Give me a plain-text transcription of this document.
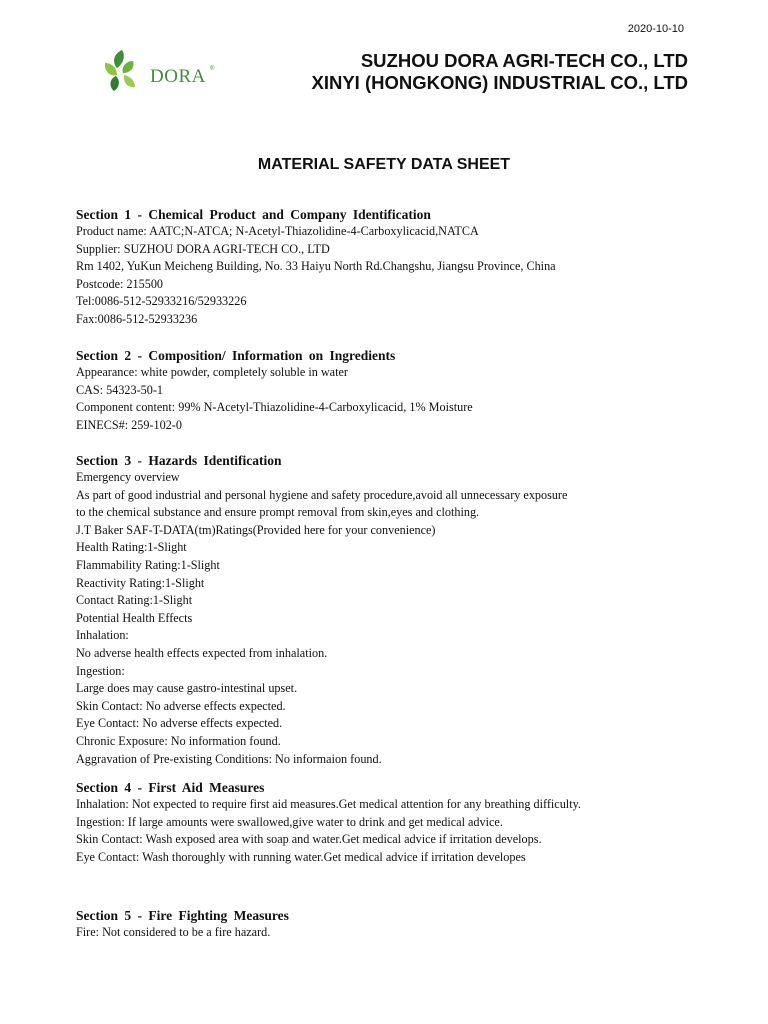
2020-10-10
DORA ®	SUZHOU DORA AGRI-TECH CO., LTD
XINYI (HONGKONG) INDUSTRIAL CO., LTD
MATERIAL SAFETY DATA SHEET
Section 1 - Chemical Product and Company Identification
Product name: AATC;N-ATCA; N-Acetyl-Thiazolidine-4-Carboxylicacid,NATCA
Supplier: SUZHOU DORA AGRI-TECH CO., LTD
Rm 1402, YuKun Meicheng Building, No. 33 Haiyu North Rd.Changshu, Jiangsu Province, China
Postcode: 215500
Tel:0086-512-52933216/52933226
Fax:0086-512-52933236
Section 2 - Composition/ Information on Ingredients
Appearance: white powder, completely soluble in water
CAS: 54323-50-1
Component content: 99% N-Acetyl-Thiazolidine-4-Carboxylicacid, 1% Moisture
EINECS#: 259-102-0
Section 3 - Hazards Identification
Emergency overview
As part of good industrial and personal hygiene and safety procedure,avoid all unnecessary exposure
to the chemical substance and ensure prompt removal from skin,eyes and clothing.
J.T Baker SAF-T-DATA(tm)Ratings(Provided here for your convenience)
Health Rating:1-Slight
Flammability Rating:1-Slight
Reactivity Rating:1-Slight
Contact Rating:1-Slight
Potential Health Effects
Inhalation:
No adverse health effects expected from inhalation.
Ingestion:
Large does may cause gastro-intestinal upset.
Skin Contact: No adverse effects expected.
Eye Contact: No adverse effects expected.
Chronic Exposure: No information found.
Aggravation of Pre-existing Conditions: No informaion found.
Section 4 - First Aid Measures
Inhalation: Not expected to require first aid measures.Get medical attention for any breathing difficulty.
Ingestion: If large amounts were swallowed,give water to drink and get medical advice.
Skin Contact: Wash exposed area with soap and water.Get medical advice if irritation develops.
Eye Contact: Wash thoroughly with running water.Get medical advice if irritation developes
Section 5 - Fire Fighting Measures
Fire: Not considered to be a fire hazard.
